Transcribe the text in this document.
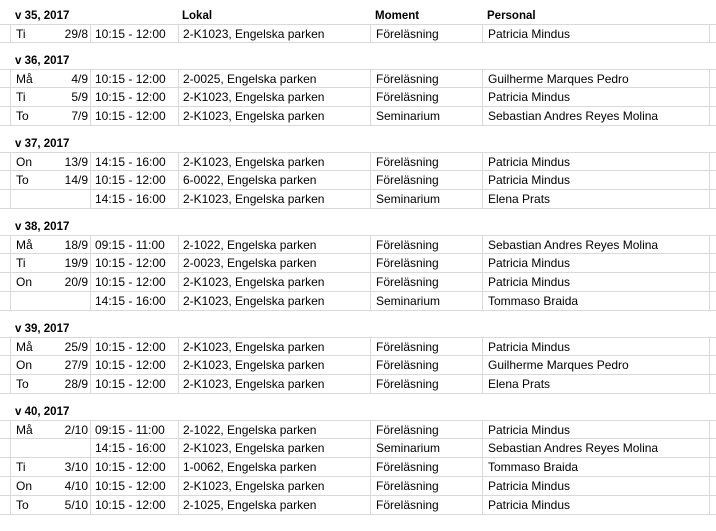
v 35, 2017	Lokal	Moment	Personal
Ti	29/8 10:15 - 12:00 2-K1023, Engelska parken	Föreläsning	Patricia Mindus
v 36, 2017
Må	4/9 10:15 - 12:00 2-0025, Engelska parken	Föreläsning	Guilherme Marques Pedro
Ti	5/9 10:15 - 12:00 2-K1023, Engelska parken	Föreläsning	Patricia Mindus
To	7/9 10:15 - 12:00 2-K1023, Engelska parken	Seminarium	Sebastian Andres Reyes Molina
v 37, 2017
On	13/9 14:15 - 16:00 2-K1023, Engelska parken	Föreläsning	Patricia Mindus
To	14/9 10:15 - 12:00 6-0022, Engelska parken	Föreläsning	Patricia Mindus
14:15 - 16:00 2-K1023, Engelska parken	Seminarium	Elena Prats
v 38, 2017
Må	18/9 09:15 - 11:00 2-1022, Engelska parken	Föreläsning	Sebastian Andres Reyes Molina
Ti	19/9 10:15 - 12:00 2-0023, Engelska parken	Föreläsning	Patricia Mindus
On	20/9 10:15 - 12:00 2-K1023, Engelska parken	Föreläsning	Patricia Mindus
14:15 - 16:00 2-K1023, Engelska parken	Seminarium	Tommaso Braida
v 39, 2017
Må	25/9 10:15 - 12:00 2-K1023, Engelska parken	Föreläsning	Patricia Mindus
On	27/9 10:15 - 12:00 2-K1023, Engelska parken	Föreläsning	Guilherme Marques Pedro
To	28/9 10:15 - 12:00 2-K1023, Engelska parken	Föreläsning	Elena Prats
v 40, 2017
Må	2/10 09:15 - 11:00 2-1022, Engelska parken	Föreläsning	Patricia Mindus
14:15 - 16:00 2-K1023, Engelska parken	Seminarium	Sebastian Andres Reyes Molina
Ti	3/10 10:15 - 12:00 1-0062, Engelska parken	Föreläsning	Tommaso Braida
On	4/10 10:15 - 12:00 2-K1023, Engelska parken	Föreläsning	Patricia Mindus
To	5/10 10:15 - 12:00 2-1025, Engelska parken	Föreläsning	Patricia Mindus
